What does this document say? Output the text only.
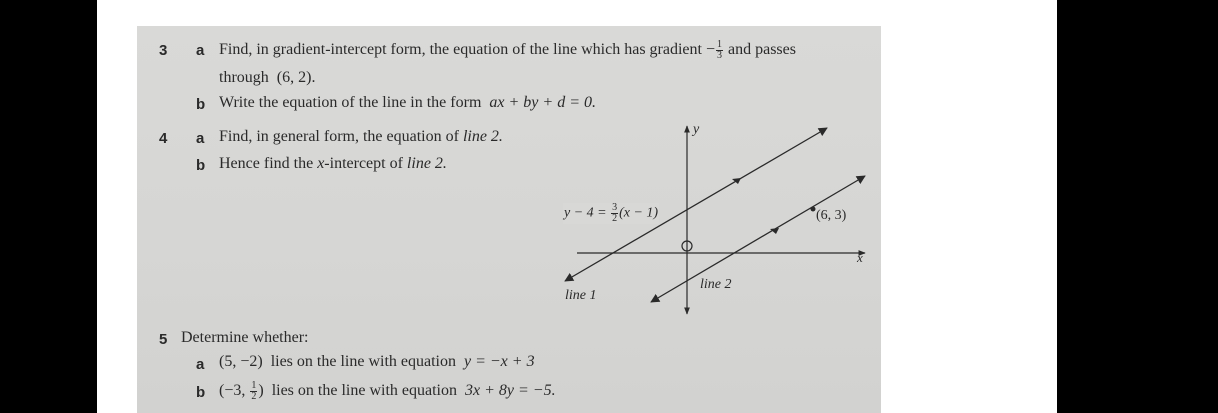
3 a Find, in gradient-intercept form, the equation of the line which has gradient − $\frac{1}{3}$ and passes
through (6, 2).
b Write the equation of the line in the form ax + by + d = 0.
4 a Find, in general form, the equation of line 2.
b Hence find the x-intercept of line 2.
y
x
$y - 4 = \frac{3}{2} (x - 1)$	(6, 3)
line 1
line 2
5 Determine whether:
a (5, −2) lies on the line with equation y = −x + 3
b (−3, $\frac{1}{2}$ ) lies on the line with equation 3x + 8y = −5.
